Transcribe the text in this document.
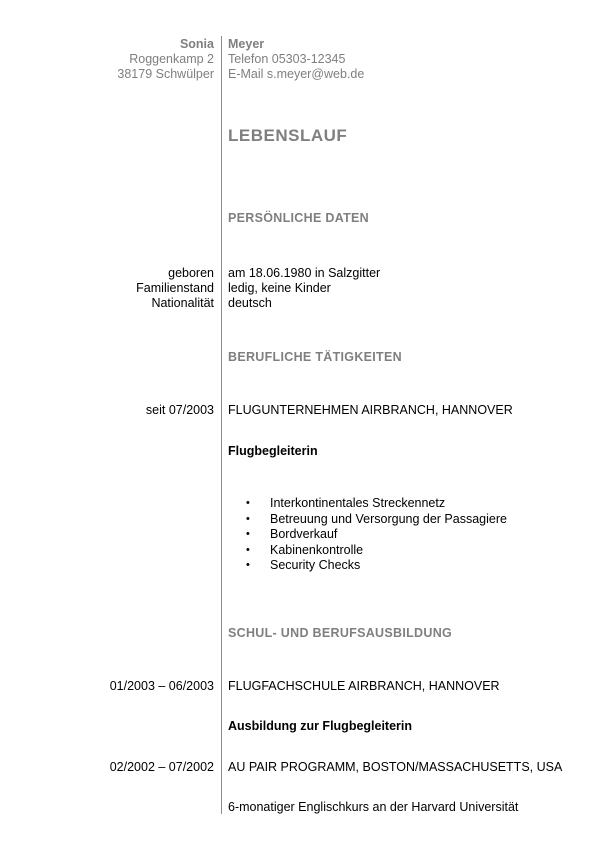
Sonia
Roggenkamp 2
38179 Schwülper
Meyer
Telefon 05303-12345
E-Mail s.meyer@web.de
LEBENSLAUF
PERSÖNLICHE DATEN
geboren am 18.06.1980 in Salzgitter
Familienstand ledig, keine Kinder
Nationalität deutsch
BERUFLICHE TÄTIGKEITEN
seit 07/2003 FLUGUNTERNEHMEN AIRBRANCH, HANNOVER
Flugbegleiterin
•	Interkontinentales Streckennetz
•	Betreuung und Versorgung der Passagiere
•	Bordverkauf
•	Kabinenkontrolle
•	Security Checks
SCHUL- UND BERUFSAUSBILDUNG
01/2003 – 06/2003 FLUGFACHSCHULE AIRBRANCH, HANNOVER
Ausbildung zur Flugbegleiterin
02/2002 – 07/2002 AU PAIR PROGRAMM, BOSTON/MASSACHUSETTS, USA
6-monatiger Englischkurs an der Harvard Universität
